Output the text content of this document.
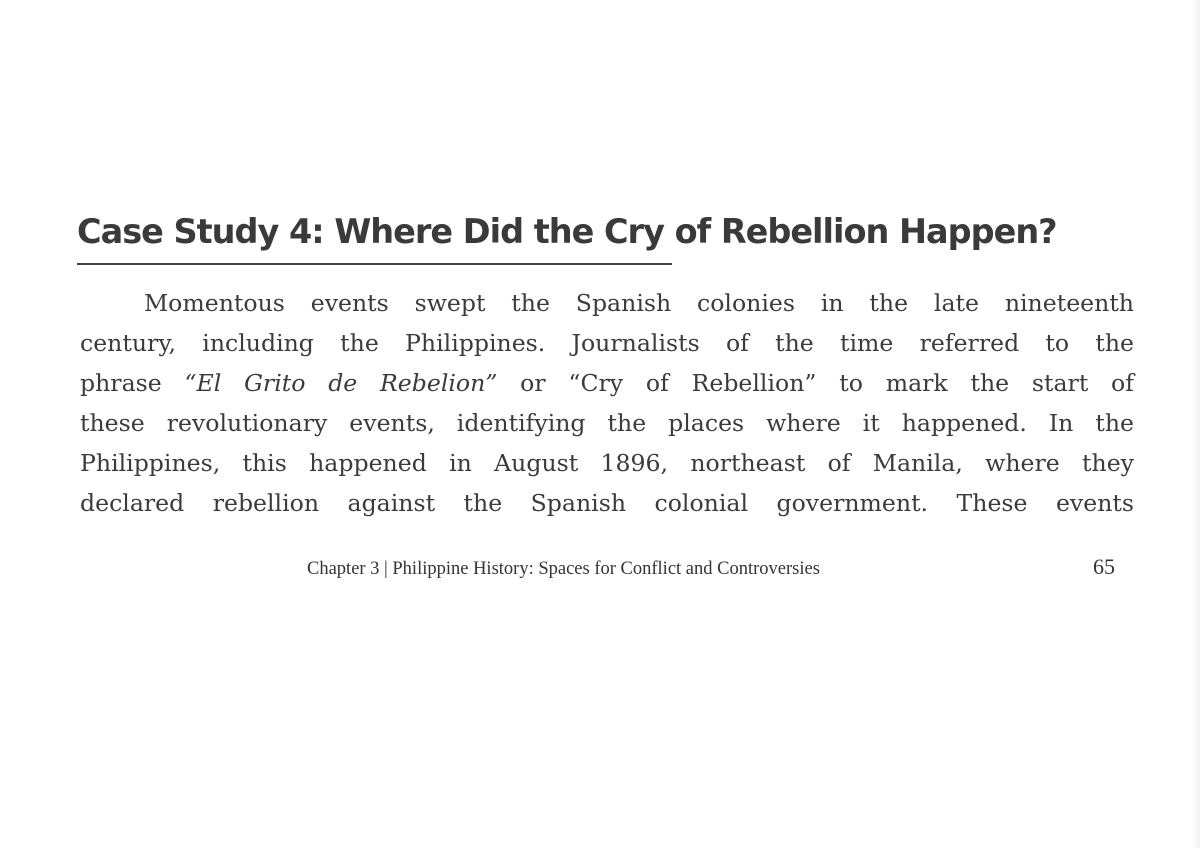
Case Study 4: Where Did the Cry of Rebellion Happen?

Momentous events swept the Spanish colonies in the late nineteenth
century, including the Philippines. Journalists of the time referred to the
phrase “El Grito de Rebelion” or “Cry of Rebellion” to mark the start of
these revolutionary events, identifying the places where it happened. In the
Philippines, this happened in August 1896, northeast of Manila, where they
declared rebellion against the Spanish colonial government. These events

Chapter 3 | Philippine History: Spaces for Conflict and Controversies	65
